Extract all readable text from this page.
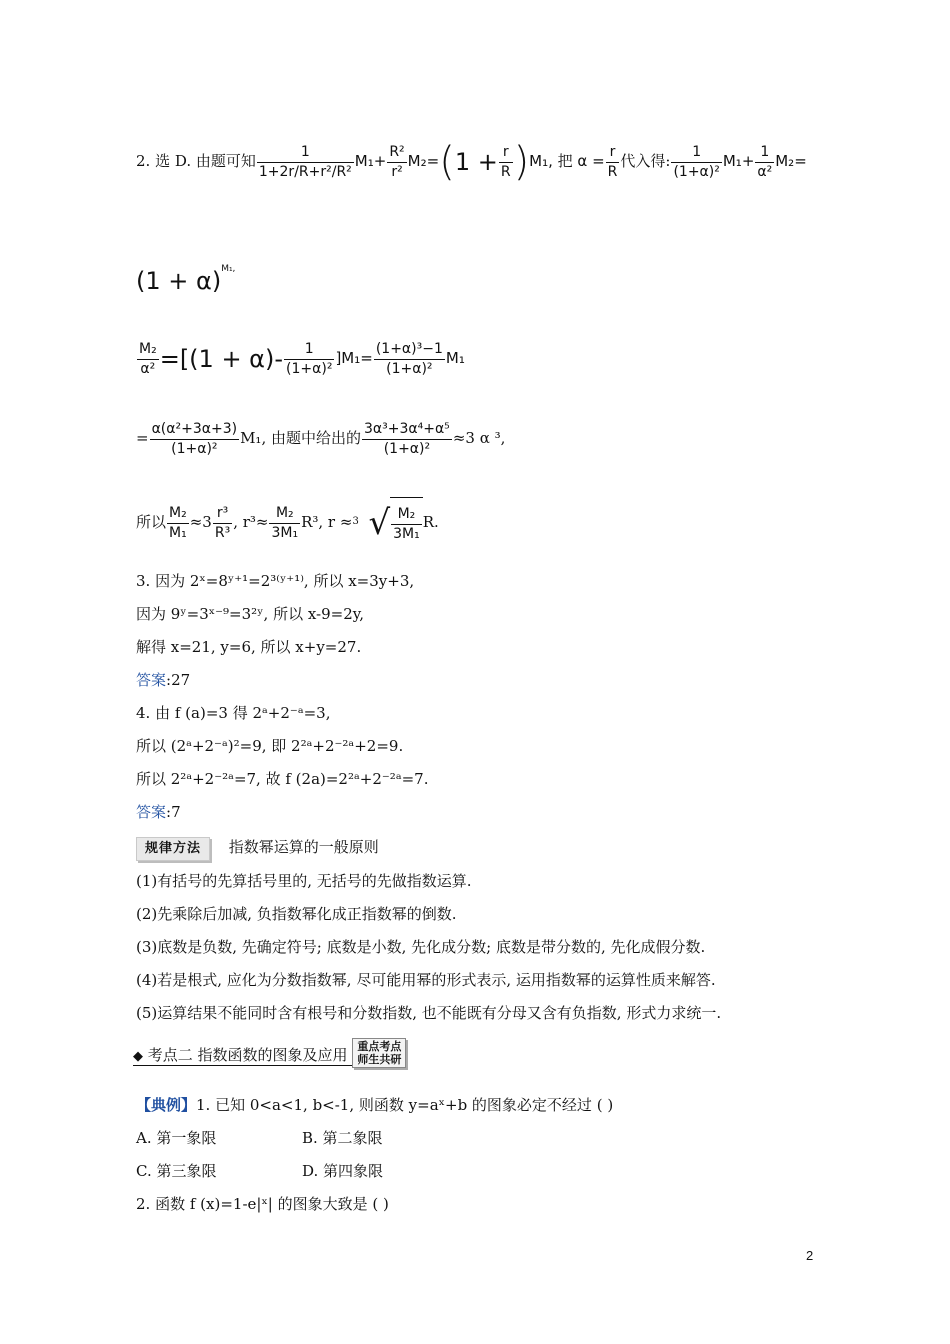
2. 选 D. 由题可知 $\frac{1}{\text{1+2r/R+r²/R²}} M_1+ \frac{\text{R²}}{\text{r²}} M_2=(1 + \frac{r}{R} )M_1$, 把 $\alpha = \frac{r}{R}$ 代入得: $\frac{1}{\text{(1+α)²}} M_1+ \frac{1}{\text{α²}} M_2=$
$(1 + \alpha)^{M_1,}$
$\frac{\text{M₂}}{\text{α²}} =[(1 + \alpha)- \frac{1}{\text{(1+α)²}} ]M_1= \frac{\text{(1+α)³−1}}{\text{(1+α)²}} M_1$
= $\frac{\text{α(α²+3α+3)}}{\text{(1+α)²}} M_1$, 由题中给出的 $\frac{\text{3α³+3α⁴+α⁵}}{\text{(1+α)²}} \approx 3$ α ³,
所以 $\frac{\text{M₂}}{\text{M₁}} \approx 3 \frac{\text{r³}}{\text{R³}}$ , $r^3\approx \frac{\text{M₂}}{\text{3M₁}} R^3$, r ≈ 3 √ $\frac{\text{M₂}}{\text{3M₁}} R$.
3. 因为 2ˣ=8ʸ⁺¹=2³⁽ʸ⁺¹⁾, 所以 x=3y+3,
因为 9ʸ=3ˣ⁻⁹=3²ʸ, 所以 x-9=2y,
解得 x=21, y=6, 所以 x+y=27.
答案:27
4. 由 f (a)=3 得 2ᵃ+2⁻ᵃ=3,
所以 (2ᵃ+2⁻ᵃ)²=9, 即 2²ᵃ+2⁻²ᵃ+2=9.
所以 2²ᵃ+2⁻²ᵃ=7, 故 f (2a)=2²ᵃ+2⁻²ᵃ=7.
答案:7
规律方法 指数幂运算的一般原则
(1)有括号的先算括号里的, 无括号的先做指数运算.
(2)先乘除后加减, 负指数幂化成正指数幂的倒数.
(3)底数是负数, 先确定符号; 底数是小数, 先化成分数; 底数是带分数的, 先化成假分数.
(4)若是根式, 应化为分数指数幂, 尽可能用幂的形式表示, 运用指数幂的运算性质来解答.
(5)运算结果不能同时含有根号和分数指数, 也不能既有分母又含有负指数, 形式力求统一.
◆ 考点二 指数函数的图象及应用 重点考点
师生共研
【典例】1. 已知 0<a<1, b<-1, 则函数 y=aˣ+b 的图象必定不经过 ( )
A. 第一象限	B. 第二象限
C. 第三象限	D. 第四象限
2. 函数 f (x)=1-e|ˣ| 的图象大致是 ( )
2
